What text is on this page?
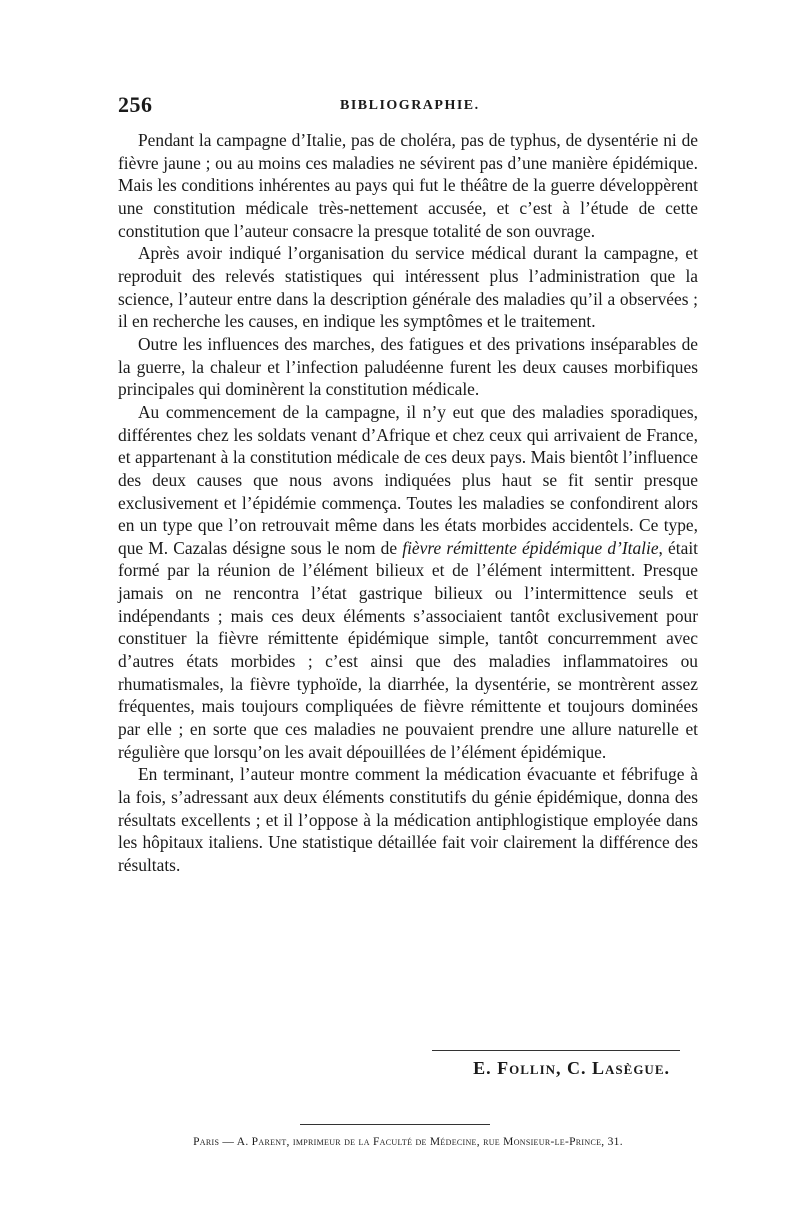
256	BIBLIOGRAPHIE.

Pendant la campagne d’Italie, pas de choléra, pas de typhus, de dysentérie ni de fièvre jaune ; ou au moins ces maladies ne sévirent pas d’une manière épidémique. Mais les conditions inhérentes au pays qui fut le théâtre de la guerre développèrent une constitution médicale très-nettement accusée, et c’est à l’étude de cette constitution que l’auteur consacre la presque totalité de son ouvrage.

Après avoir indiqué l’organisation du service médical durant la campagne, et reproduit des relevés statistiques qui intéressent plus l’administration que la science, l’auteur entre dans la description générale des maladies qu’il a observées ; il en recherche les causes, en indique les symptômes et le traitement.

Outre les influences des marches, des fatigues et des privations inséparables de la guerre, la chaleur et l’infection paludéenne furent les deux causes morbifiques principales qui dominèrent la constitution médicale.

Au commencement de la campagne, il n’y eut que des maladies sporadiques, différentes chez les soldats venant d’Afrique et chez ceux qui arrivaient de France, et appartenant à la constitution médicale de ces deux pays. Mais bientôt l’influence des deux causes que nous avons indiquées plus haut se fit sentir presque exclusivement et l’épidémie commença. Toutes les maladies se confondirent alors en un type que l’on retrouvait même dans les états morbides accidentels. Ce type, que M. Cazalas désigne sous le nom de fièvre rémittente épidémique d’Italie, était formé par la réunion de l’élément bilieux et de l’élément intermittent. Presque jamais on ne rencontra l’état gastrique bilieux ou l’intermittence seuls et indépendants ; mais ces deux éléments s’associaient tantôt exclusivement pour constituer la fièvre rémittente épidémique simple, tantôt concurremment avec d’autres états morbides ; c’est ainsi que des maladies inflammatoires ou rhumatismales, la fièvre typhoïde, la diarrhée, la dysentérie, se montrèrent assez fréquentes, mais toujours compliquées de fièvre rémittente et toujours dominées par elle ; en sorte que ces maladies ne pouvaient prendre une allure naturelle et régulière que lorsqu’on les avait dépouillées de l’élément épidémique.

En terminant, l’auteur montre comment la médication évacuante et fébrifuge à la fois, s’adressant aux deux éléments constitutifs du génie épidémique, donna des résultats excellents ; et il l’oppose à la médication antiphlogistique employée dans les hôpitaux italiens. Une statistique détaillée fait voir clairement la différence des résultats.

E. Follin, C. Lasègue.
Paris — A. Parent, imprimeur de la Faculté de Médecine, rue Monsieur-le-Prince, 31.
